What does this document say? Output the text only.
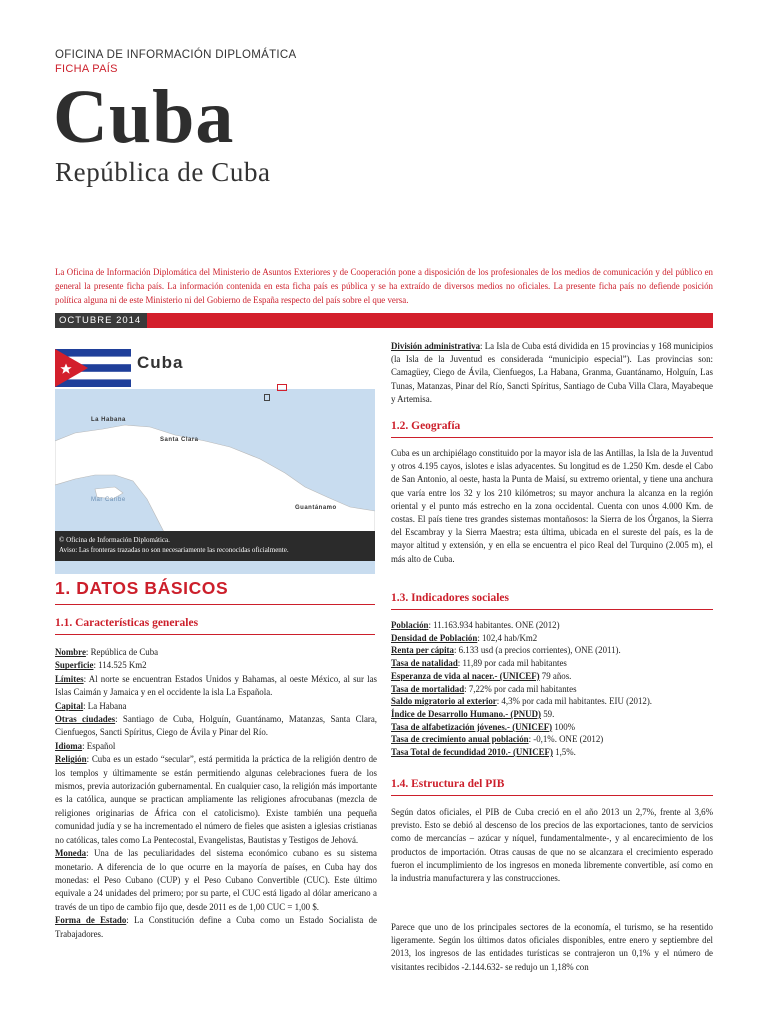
OFICINA DE INFORMACIÓN DIPLOMÁTICA
FICHA PAÍS
Cuba
República de Cuba
La Oficina de Información Diplomática del Ministerio de Asuntos Exteriores y de Cooperación pone a disposición de los profesionales de los medios de comunicación y del público en general la presente ficha país. La información contenida en esta ficha país es pública y se ha extraído de diversos medios no oficiales. La presente ficha país no defiende posición política alguna ni de este Ministerio ni del Gobierno de España respecto del país sobre el que versa.
OCTUBRE 2014
Cuba
La Habana
Santa Clara
Mar Caribe
Guantánamo
© Oficina de Información Diplomática.
Aviso: Las fronteras trazadas no son necesariamente las reconocidas oficialmente.
1. DATOS BÁSICOS
1.1. Características generales

Nombre: República de Cuba

Superficie: 114.525 Km2

Límites: Al norte se encuentran Estados Unidos y Bahamas, al oeste México, al sur las Islas Caimán y Jamaica y en el occidente la isla La Española.

Capital: La Habana

Otras ciudades: Santiago de Cuba, Holguín, Guantánamo, Matanzas, Santa Clara, Cienfuegos, Sancti Spíritus, Ciego de Ávila y Pinar del Río.

Idioma: Español

Religión: Cuba es un estado “secular”, está permitida la práctica de la religión dentro de los templos y últimamente se están permitiendo algunas celebraciones fuera de los mismos, previa autorización gubernamental. En cualquier caso, la religión más importante es la católica, aunque se practican ampliamente las religiones afrocubanas (mezcla de religiones originarias de África con el catolicismo). Existe también una pequeña comunidad judía y se ha incrementado el número de fieles que asisten a iglesias cristianas no católicas, tales como La Pentecostal, Evangelistas, Bautistas y Testigos de Jehová.

Moneda: Una de las peculiaridades del sistema económico cubano es su sistema monetario. A diferencia de lo que ocurre en la mayoría de países, en Cuba hay dos monedas: el Peso Cubano (CUP) y el Peso Cubano Convertible (CUC). Este último equivale a 24 unidades del primero; por su parte, el CUC está ligado al dólar americano a través de un tipo de cambio fijo que, desde 2011 es de 1,00 CUC = 1,00 $.

Forma de Estado: La Constitución define a Cuba como un Estado Socialista de Trabajadores.

División administrativa: La Isla de Cuba está dividida en 15 provincias y 168 municipios (la Isla de la Juventud es considerada “municipio especial”). Las provincias son: Camagüey, Ciego de Ávila, Cienfuegos, La Habana, Granma, Guantánamo, Holguín, Las Tunas, Matanzas, Pinar del Río, Sancti Spíritus, Santiago de Cuba Villa Clara, Mayabeque y Artemisa.

1.2. Geografía

Cuba es un archipiélago constituido por la mayor isla de las Antillas, la Isla de la Juventud y otros 4.195 cayos, islotes e islas adyacentes. Su longitud es de 1.250 Km. desde el Cabo de San Antonio, al oeste, hasta la Punta de Maisí, su extremo oriental, y tiene una anchura que varía entre los 32 y los 210 kilómetros; su mayor anchura la alcanza en la región oriental y el punto más estrecho en la zona occidental. Cuenta con unos 4.000 Km. de costas. El país tiene tres grandes sistemas montañosos: la Sierra de los Órganos, la Sierra del Escambray y la Sierra Maestra; esta última, ubicada en el sureste del país, es la de mayor altitud y extensión, y en ella se encuentra el pico Real del Turquino (2.005 m), el más alto de Cuba.

1.3. Indicadores sociales

Población: 11.163.934 habitantes. ONE (2012)

Densidad de Población: 102,4 hab/Km2

Renta per cápita: 6.133 usd (a precios corrientes), ONE (2011).

Tasa de natalidad: 11,89 por cada mil habitantes

Esperanza de vida al nacer.- (UNICEF) 79 años.

Tasa de mortalidad: 7,22% por cada mil habitantes

Saldo migratorio al exterior: 4,3% por cada mil habitantes. EIU (2012).

Índice de Desarrollo Humano.- (PNUD) 59.

Tasa de alfabetización jóvenes.- (UNICEF) 100%

Tasa de crecimiento anual población: -0,1%. ONE (2012)

Tasa Total de fecundidad 2010.- (UNICEF) 1,5%.

1.4. Estructura del PIB

Según datos oficiales, el PIB de Cuba creció en el año 2013 un 2,7%, frente al 3,6% previsto. Esto se debió al descenso de los precios de las exportaciones, tanto de servicios como de mercancías – azúcar y níquel, fundamentalmente-, y al encarecimiento de los productos de importación. Otras causas de que no se alcanzara el crecimiento esperado fueron el incumplimiento de los ingresos en moneda libremente convertible, así como en la industria manufacturera y las construcciones.

Parece que uno de los principales sectores de la economía, el turismo, se ha resentido ligeramente. Según los últimos datos oficiales disponibles, entre enero y septiembre del 2013, los ingresos de las entidades turísticas se contrajeron un 0,1% y el número de visitantes recibidos -2.144.632- se redujo un 1,18% con
